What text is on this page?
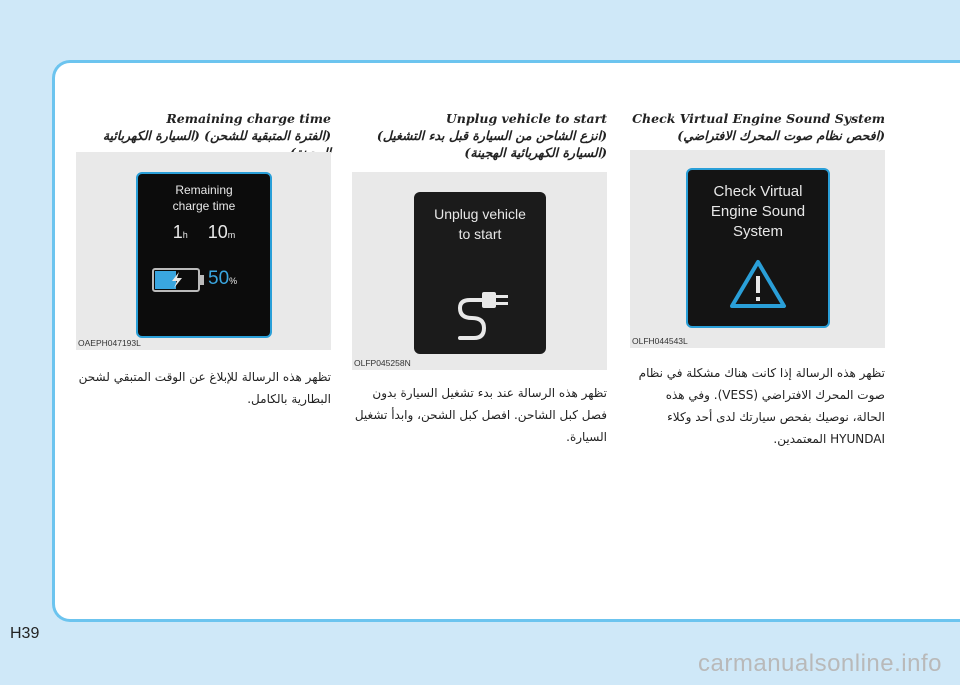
Check Virtual Engine Sound System

(افحص نظام صوت المحرك الافتراضي)

Check Virtual
Engine Sound
System
OLFH044543L
تظهر هذه الرسالة إذا كانت هناك مشكلة في نظام صوت المحرك الافتراضي (VESS). وفي هذه الحالة، نوصيك بفحص سيارتك لدى أحد وكلاء HYUNDAI المعتمدين.

Unplug vehicle to start

(انزع الشاحن من السيارة قبل بدء التشغيل) (السيارة الكهربائية الهجينة)

Unplug vehicle
to start
OLFP045258N
تظهر هذه الرسالة عند بدء تشغيل السيارة بدون فصل كبل الشاحن. افصل كبل الشحن، وابدأ تشغيل السيارة.

Remaining charge time

(الفترة المتبقية للشحن) (السيارة الكهربائية

Remaining
charge time
1h 10m
50%
OAEPH047193L
تظهر هذه الرسالة للإبلاغ عن الوقت المتبقي لشحن البطارية بالكامل.
H39
carmanualsonline.info
